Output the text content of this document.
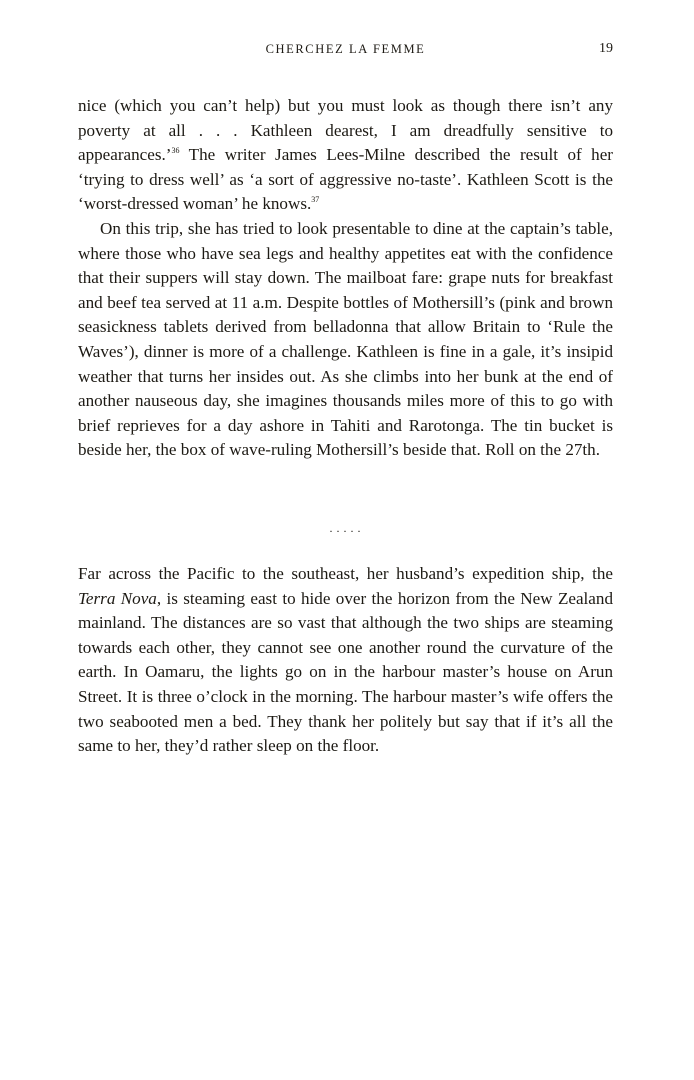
CHERCHEZ LA FEMME	19

nice (which you can’t help) but you must look as though there isn’t any poverty at all . . . Kathleen dearest, I am dreadfully sensitive to appearances.’$^{36}$ The writer James Lees-Milne described the result of her ‘trying to dress well’ as ‘a sort of aggressive no-taste’. Kathleen Scott is the ‘worst-dressed woman’ he knows.$^{37}$

On this trip, she has tried to look presentable to dine at the captain’s table, where those who have sea legs and healthy appetites eat with the confidence that their suppers will stay down. The mailboat fare: grape nuts for breakfast and beef tea served at 11 a.m. Despite bottles of Mothersill’s (pink and brown seasickness tablets derived from belladonna that allow Britain to ‘Rule the Waves’), dinner is more of a challenge. Kathleen is fine in a gale, it’s insipid weather that turns her insides out. As she climbs into her bunk at the end of another nauseous day, she imagines thousands miles more of this to go with brief reprieves for a day ashore in Tahiti and Rarotonga. The tin bucket is beside her, the box of wave-ruling Mothersill’s beside that. Roll on the 27th.

.....

Far across the Pacific to the southeast, her husband’s expedition ship, the Terra Nova, is steaming east to hide over the horizon from the New Zealand mainland. The distances are so vast that although the two ships are steaming towards each other, they cannot see one another round the curvature of the earth. In Oamaru, the lights go on in the harbour master’s house on Arun Street. It is three o’clock in the morning. The harbour master’s wife offers the two seabooted men a bed. They thank her politely but say that if it’s all the same to her, they’d rather sleep on the floor.
